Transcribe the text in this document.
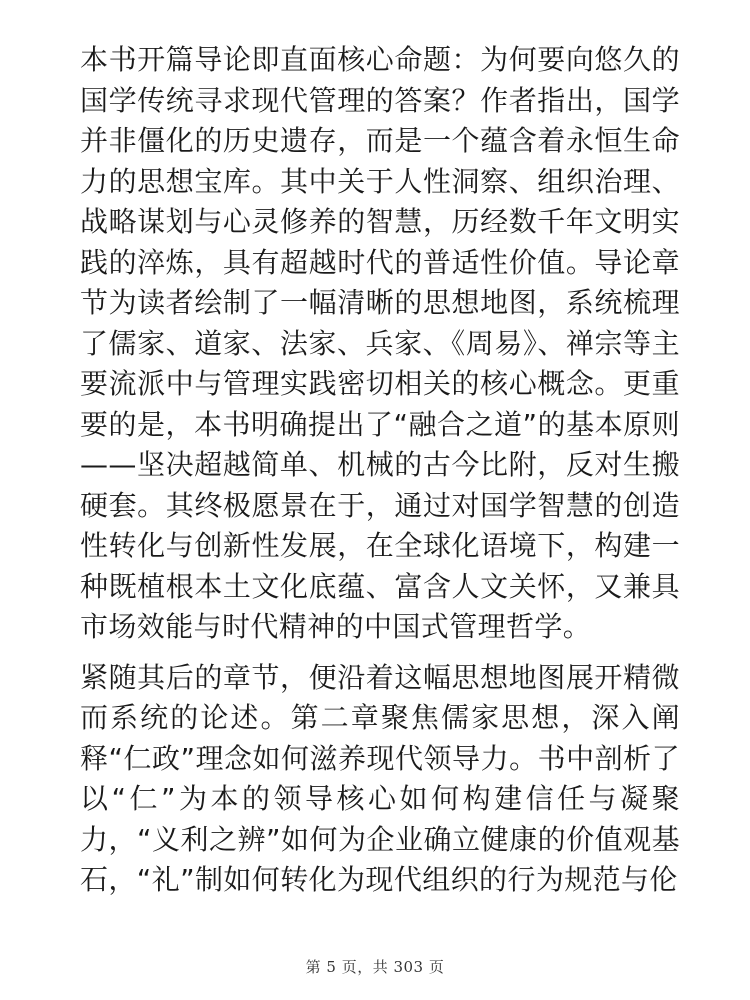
本书开篇导论即直面核心命题：为何要向悠久的国学传统寻求现代管理的答案？作者指出，国学并非僵化的历史遗存，而是一个蕴含着永恒生命力的思想宝库。其中关于人性洞察、组织治理、战略谋划与心灵修养的智慧，历经数千年文明实践的淬炼，具有超越时代的普适性价值。导论章节为读者绘制了一幅清晰的思想地图，系统梳理了儒家、道家、法家、兵家、《周易》、禅宗等主要流派中与管理实践密切相关的核心概念。更重要的是，本书明确提出了“融合之道”的基本原则——坚决超越简单、机械的古今比附，反对生搬硬套。其终极愿景在于，通过对国学智慧的创造性转化与创新性发展，在全球化语境下，构建一种既植根本土文化底蕴、富含人文关怀，又兼具市场效能与时代精神的中国式管理哲学。

紧随其后的章节，便沿着这幅思想地图展开精微而系统的论述。第二章聚焦儒家思想，深入阐释“仁政”理念如何滋养现代领导力。书中剖析了以“仁”为本的领导核心如何构建信任与凝聚力，“义利之辨”如何为企业确立健康的价值观基石，“礼”制如何转化为现代组织的行为规范与伦

第 5 页，共 303 页
